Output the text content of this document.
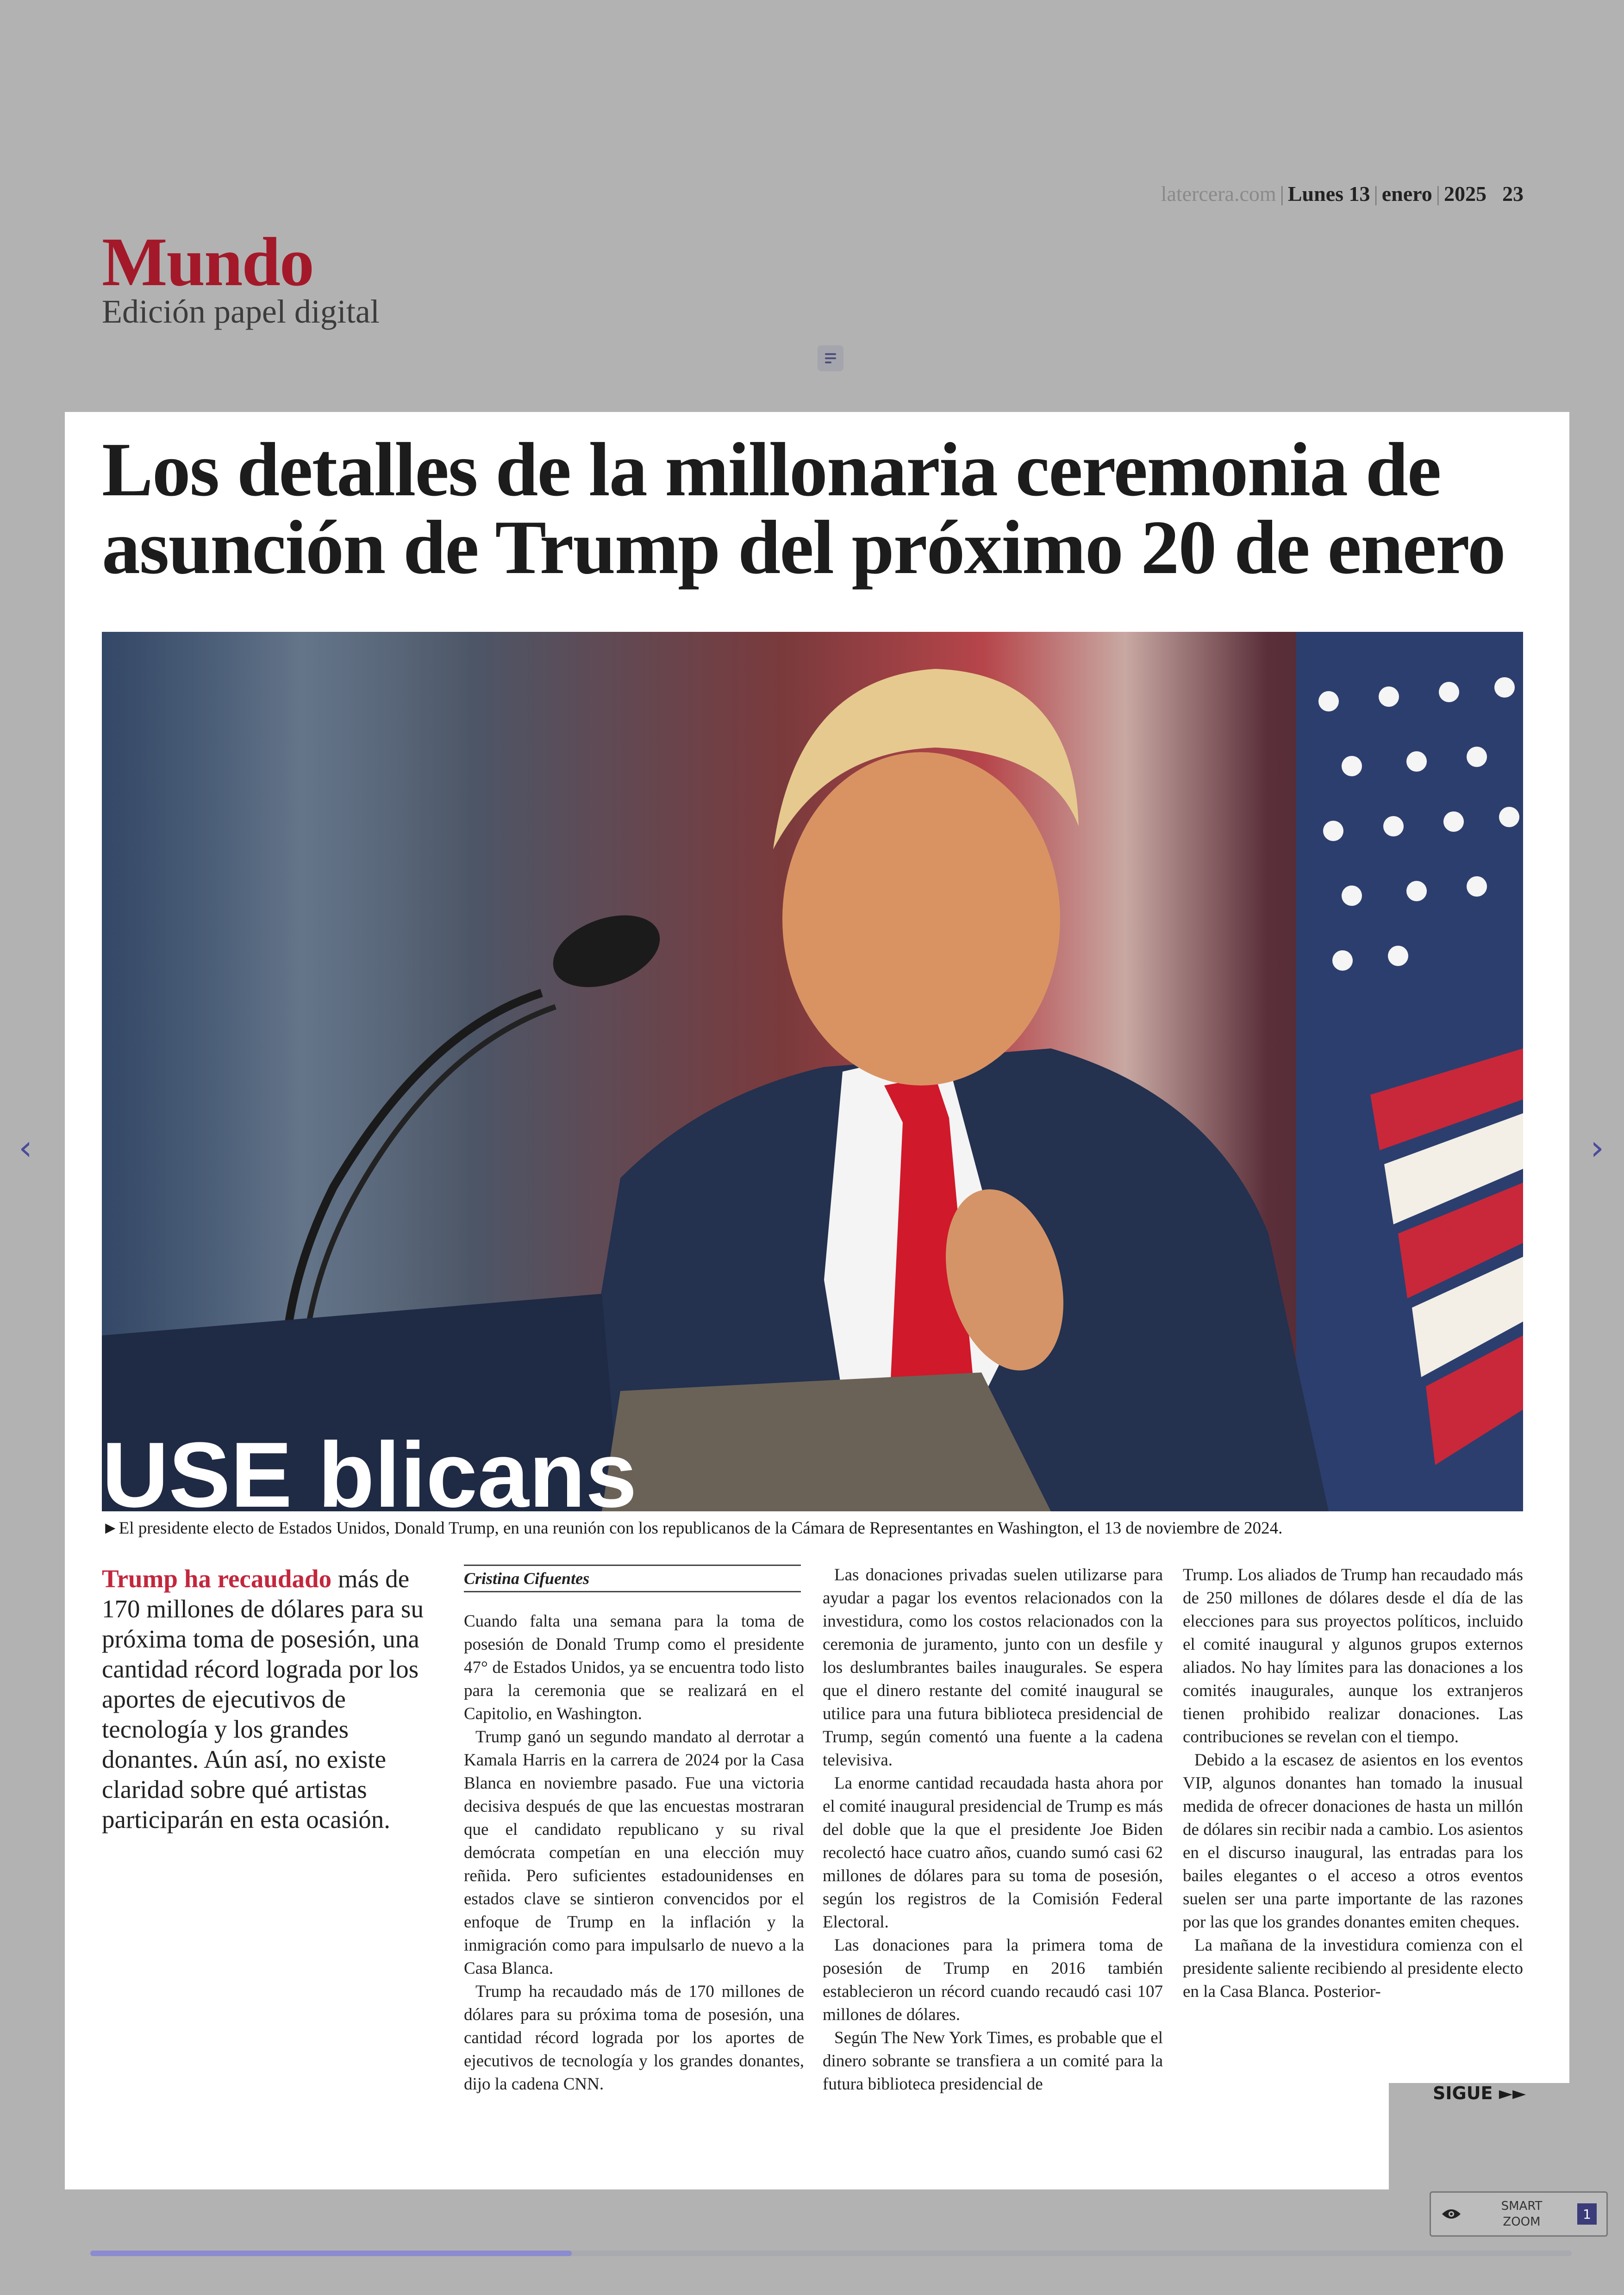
latercera.com | Lunes 13 | enero | 2025 23
Mundo
Edición papel digital
Los detalles de la millonaria ceremonia de asunción de Trump del próximo 20 de enero
USE blicans
►El presidente electo de Estados Unidos, Donald Trump, en una reunión con los republicanos de la Cámara de Representantes en Washington, el 13 de noviembre de 2024.

Trump ha recaudado más de 170 millones de dólares para su próxima toma de posesión, una cantidad récord lograda por los aportes de ejecutivos de tecnología y los grandes donantes. Aún así, no existe claridad sobre qué artistas participarán en esta ocasión.

Cristina Cifuentes

Cuando falta una semana para la toma de posesión de Donald Trump como el presidente 47° de Estados Unidos, ya se encuentra todo listo para la ceremonia que se realizará en el Capitolio, en Washington.

Trump ganó un segundo mandato al derrotar a Kamala Harris en la carrera de 2024 por la Casa Blanca en noviembre pasado. Fue una victoria decisiva después de que las encuestas mostraran que el candidato republicano y su rival demócrata competían en una elección muy reñida. Pero suficientes estadounidenses en estados clave se sintieron convencidos por el enfoque de Trump en la inflación y la inmigración como para impulsarlo de nuevo a la Casa Blanca.

Trump ha recaudado más de 170 millones de dólares para su próxima toma de posesión, una cantidad récord lograda por los aportes de ejecutivos de tecnología y los grandes donantes, dijo la cadena CNN.

Las donaciones privadas suelen utilizarse para ayudar a pagar los eventos relacionados con la investidura, como los costos relacionados con la ceremonia de juramento, junto con un desfile y los deslumbrantes bailes inaugurales. Se espera que el dinero restante del comité inaugural se utilice para una futura biblioteca presidencial de Trump, según comentó una fuente a la cadena televisiva.

La enorme cantidad recaudada hasta ahora por el comité inaugural presidencial de Trump es más del doble que la que el presidente Joe Biden recolectó hace cuatro años, cuando sumó casi 62 millones de dólares para su toma de posesión, según los registros de la Comisión Federal Electoral.

Las donaciones para la primera toma de posesión de Trump en 2016 también establecieron un récord cuando recaudó casi 107 millones de dólares.

Según The New York Times, es probable que el dinero sobrante se transfiera a un comité para la futura biblioteca presidencial de

Trump. Los aliados de Trump han recaudado más de 250 millones de dólares desde el día de las elecciones para sus proyectos políticos, incluido el comité inaugural y algunos grupos externos aliados. No hay límites para las donaciones a los comités inaugurales, aunque los extranjeros tienen prohibido realizar donaciones. Las contribuciones se revelan con el tiempo.

Debido a la escasez de asientos en los eventos VIP, algunos donantes han tomado la inusual medida de ofrecer donaciones de hasta un millón de dólares sin recibir nada a cambio. Los asientos en el discurso inaugural, las entradas para los bailes elegantes o el acceso a otros eventos suelen ser una parte importante de las razones por las que los grandes donantes emiten cheques.

La mañana de la investidura comienza con el presidente saliente recibiendo al presidente electo en la Casa Blanca. Posterior-

SIGUE ►►
‹	›
SMART
ZOOM
1
